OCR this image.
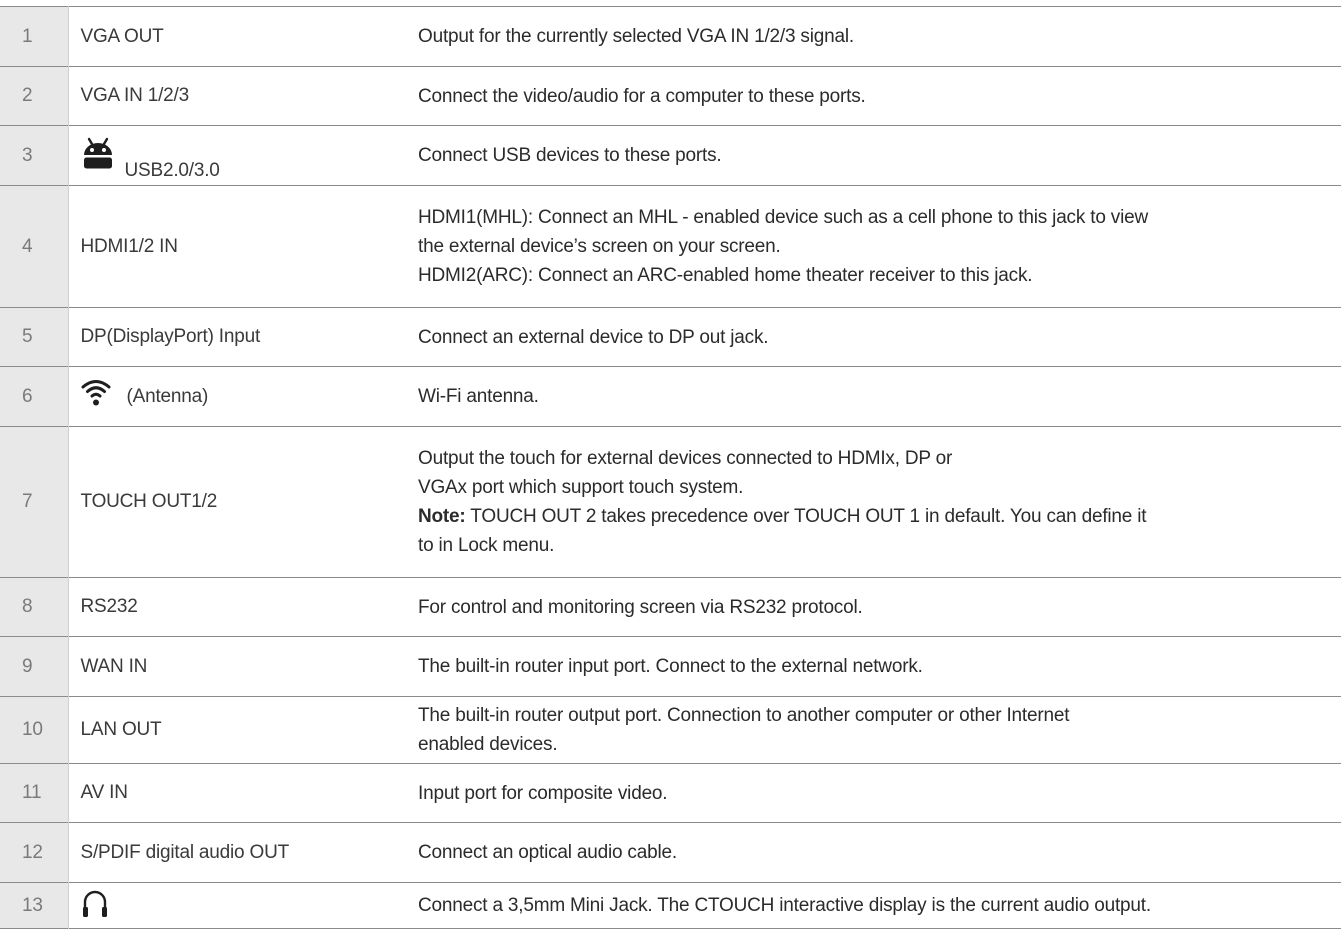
1	VGA OUT	Output for the currently selected VGA IN 1/2/3 signal.

2	VGA IN 1/2/3	Connect the video/audio for a computer to these ports.

3	USB2.0/3.0	Connect USB devices to these ports.

4	HDMI1/2 IN	HDMI1(MHL): Connect an MHL - enabled device such as a cell phone to this jack to view
the external device’s screen on your screen.
HDMI2(ARC): Connect an ARC-enabled home theater receiver to this jack.

5	DP(DisplayPort) Input	Connect an external device to DP out jack.

6	(Antenna)	Wi-Fi antenna.

7	TOUCH OUT1/2	Output the touch for external devices connected to HDMIx, DP or
VGAx port which support touch system.
Note: TOUCH OUT 2 takes precedence over TOUCH OUT 1 in default. You can define it
to in Lock menu.

8	RS232	For control and monitoring screen via RS232 protocol.

9	WAN IN	The built-in router input port. Connect to the external network.

10	LAN OUT	The built-in router output port. Connection to another computer or other Internet
enabled devices.

11	AV IN	Input port for composite video.

12	S/PDIF digital audio OUT	Connect an optical audio cable.

13		Connect a 3,5mm Mini Jack. The CTOUCH interactive display is the current audio output.
